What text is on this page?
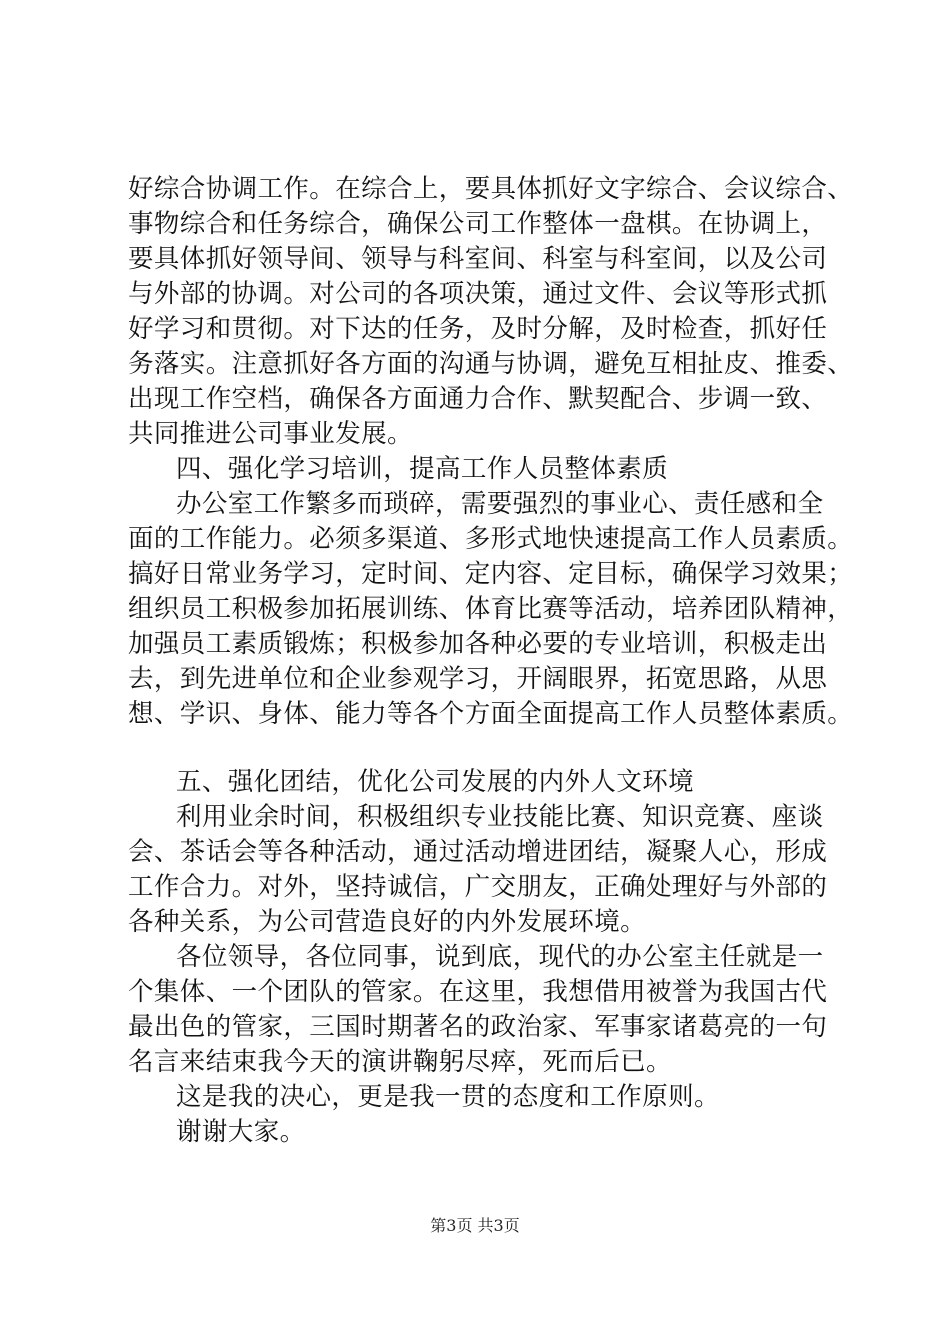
好综合协调工作。在综合上，要具体抓好文字综合、会议综合、
事物综合和任务综合，确保公司工作整体一盘棋。在协调上，
要具体抓好领导间、领导与科室间、科室与科室间，以及公司
与外部的协调。对公司的各项决策，通过文件、会议等形式抓
好学习和贯彻。对下达的任务，及时分解，及时检查，抓好任
务落实。注意抓好各方面的沟通与协调，避免互相扯皮、推委、
出现工作空档，确保各方面通力合作、默契配合、步调一致、
共同推进公司事业发展。
四、强化学习培训，提高工作人员整体素质
办公室工作繁多而琐碎，需要强烈的事业心、责任感和全
面的工作能力。必须多渠道、多形式地快速提高工作人员素质。
搞好日常业务学习，定时间、定内容、定目标，确保学习效果；
组织员工积极参加拓展训练、体育比赛等活动，培养团队精神，
加强员工素质锻炼；积极参加各种必要的专业培训，积极走出
去，到先进单位和企业参观学习，开阔眼界，拓宽思路，从思
想、学识、身体、能力等各个方面全面提高工作人员整体素质。
五、强化团结，优化公司发展的内外人文环境
利用业余时间，积极组织专业技能比赛、知识竞赛、座谈
会、茶话会等各种活动，通过活动增进团结，凝聚人心，形成
工作合力。对外，坚持诚信，广交朋友，正确处理好与外部的
各种关系，为公司营造良好的内外发展环境。
各位领导，各位同事，说到底，现代的办公室主任就是一
个集体、一个团队的管家。在这里，我想借用被誉为我国古代
最出色的管家，三国时期著名的政治家、军事家诸葛亮的一句
名言来结束我今天的演讲鞠躬尽瘁，死而后已。
这是我的决心，更是我一贯的态度和工作原则。
谢谢大家。
第3页 共3页
